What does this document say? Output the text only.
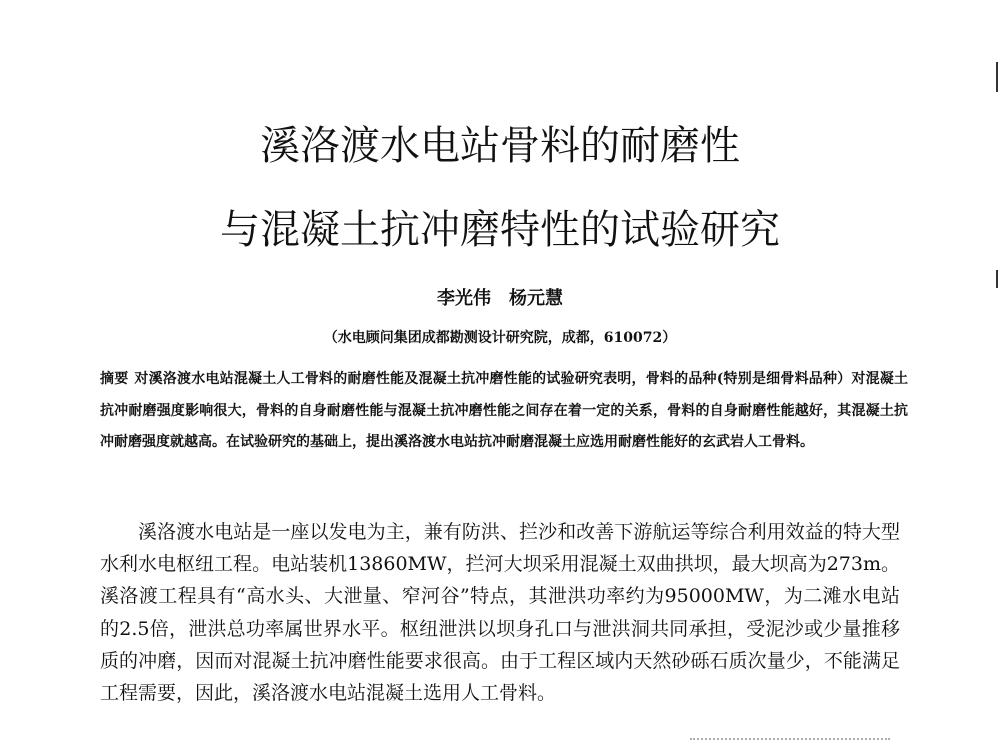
溪洛渡水电站骨料的耐磨性
与混凝土抗冲磨特性的试验研究
李光伟　杨元慧
（水电顾问集团成都勘测设计研究院，成都，610072）
摘要 对溪洛渡水电站混凝土人工骨料的耐磨性能及混凝土抗冲磨性能的试验研究表明，骨料的品种(特别是细骨料品种）对混凝土抗冲耐磨强度影响很大，骨料的自身耐磨性能与混凝土抗冲磨性能之间存在着一定的关系，骨料的自身耐磨性能越好，其混凝土抗冲耐磨强度就越高。在试验研究的基础上，提出溪洛渡水电站抗冲耐磨混凝土应选用耐磨性能好的玄武岩人工骨料。
溪洛渡水电站是一座以发电为主，兼有防洪、拦沙和改善下游航运等综合利用效益的特大型水利水电枢纽工程。电站装机13860MW，拦河大坝采用混凝土双曲拱坝，最大坝高为273m。溪洛渡工程具有“高水头、大泄量、窄河谷”特点，其泄洪功率约为95000MW，为二滩水电站的2.5倍，泄洪总功率属世界水平。枢纽泄洪以坝身孔口与泄洪洞共同承担，受泥沙或少量推移质的冲磨，因而对混凝土抗冲磨性能要求很高。由于工程区域内天然砂砾石质次量少，不能满足工程需要，因此，溪洛渡水电站混凝土选用人工骨料。
